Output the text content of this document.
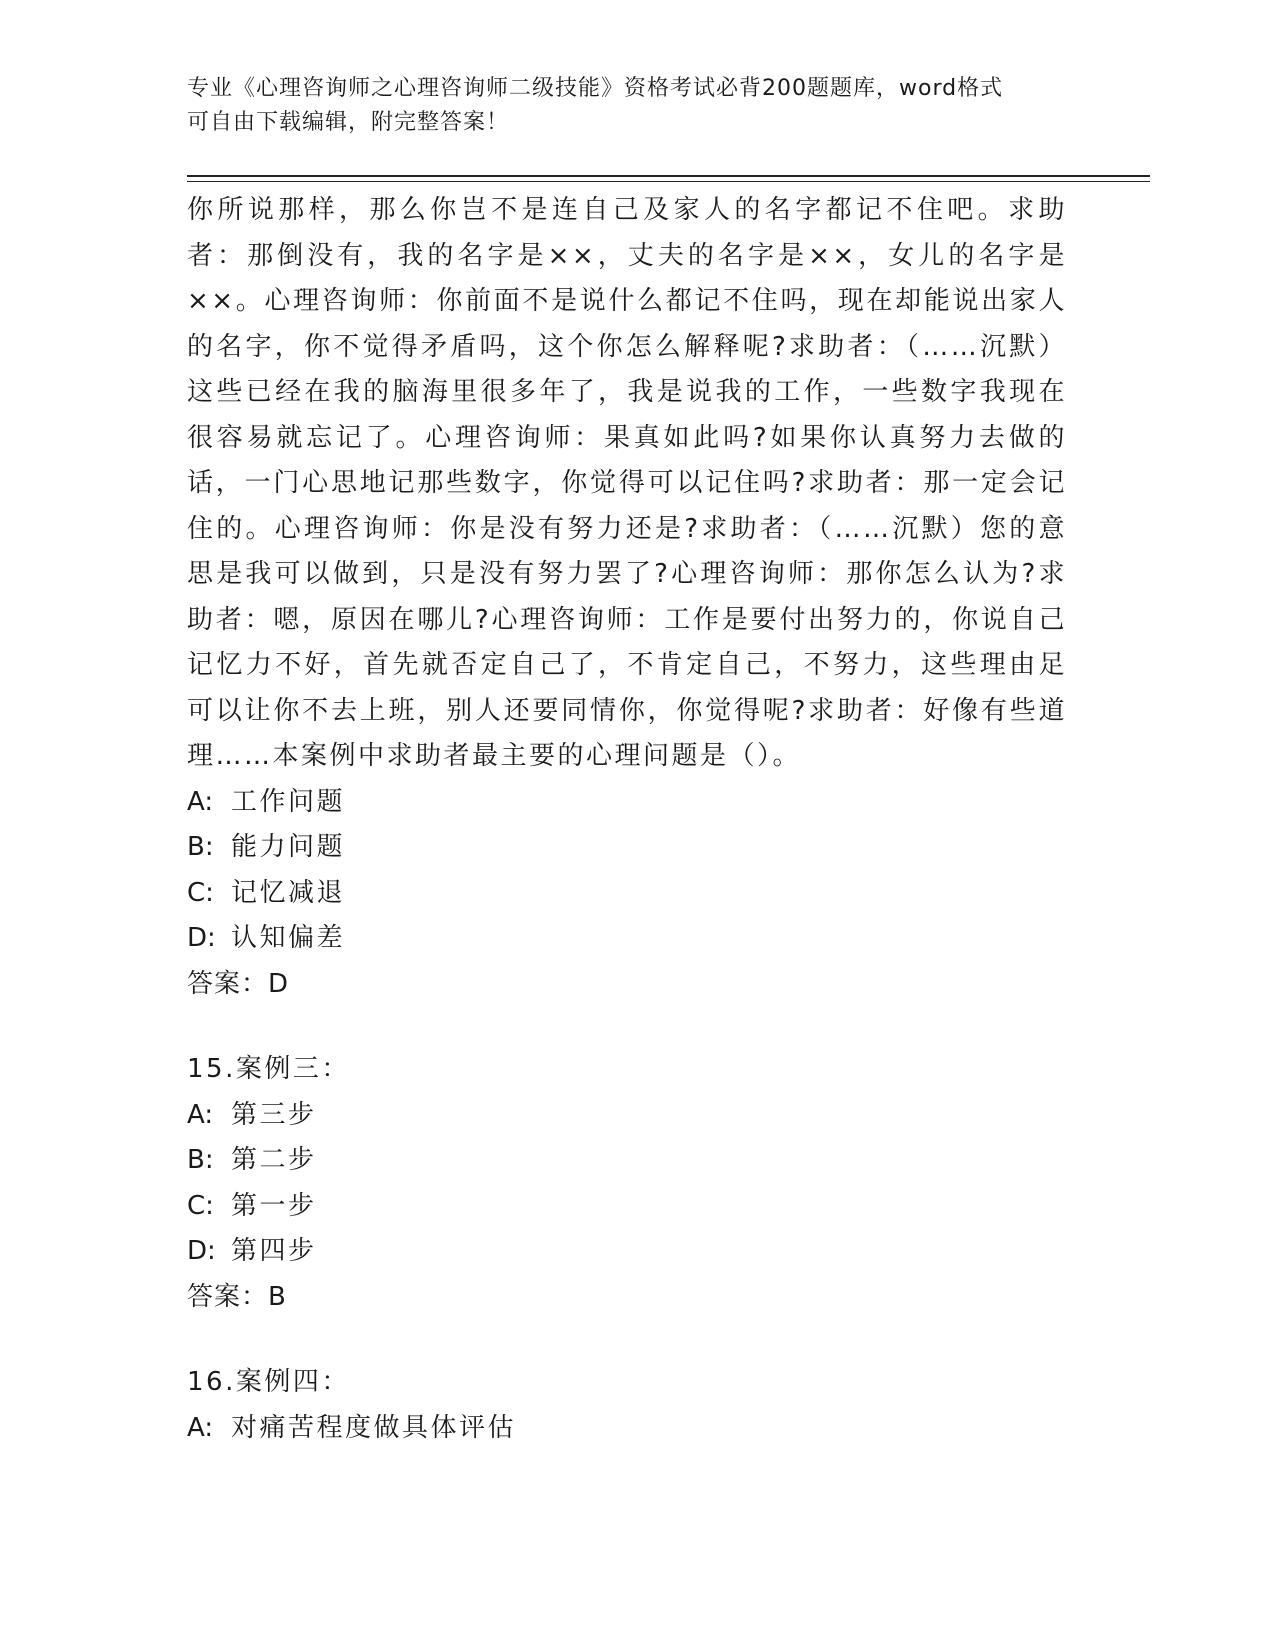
专业《心理咨询师之心理咨询师二级技能》资格考试必背200题题库，word格式
可自由下载编辑，附完整答案！

你所说那样，那么你岂不是连自己及家人的名字都记不住吧。求助者：那倒没有，我的名字是××，丈夫的名字是××，女儿的名字是××。心理咨询师：你前面不是说什么都记不住吗，现在却能说出家人的名字，你不觉得矛盾吗，这个你怎么解释呢?求助者：（……沉默）这些已经在我的脑海里很多年了，我是说我的工作，一些数字我现在很容易就忘记了。心理咨询师：果真如此吗?如果你认真努力去做的话，一门心思地记那些数字，你觉得可以记住吗?求助者：那一定会记住的。心理咨询师：你是没有努力还是?求助者：（……沉默）您的意思是我可以做到，只是没有努力罢了?心理咨询师：那你怎么认为?求助者：嗯，原因在哪儿?心理咨询师：工作是要付出努力的，你说自己记忆力不好，首先就否定自己了，不肯定自己，不努力，这些理由足可以让你不去上班，别人还要同情你，你觉得呢?求助者：好像有些道理……本案例中求助者最主要的心理问题是（）。

A: 工作问题

B: 能力问题

C: 记忆减退

D: 认知偏差

答案：D

15.案例三：

A: 第三步

B: 第二步

C: 第一步

D: 第四步

答案：B

16.案例四：

A: 对痛苦程度做具体评估
